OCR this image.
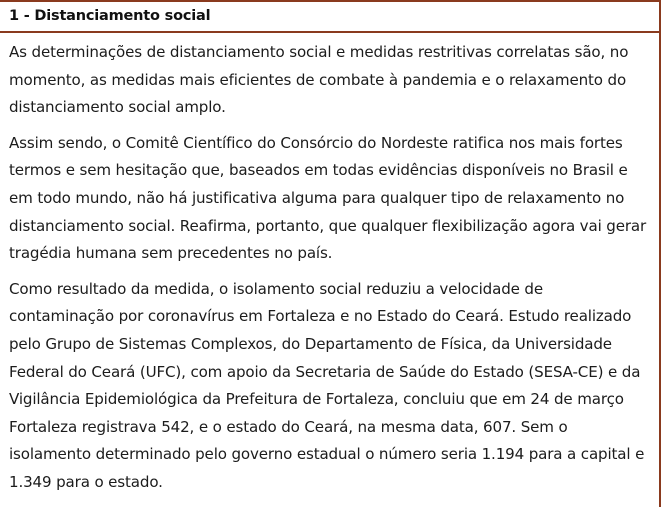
1 - Distanciamento social

As determinações de distanciamento social e medidas restritivas correlatas são, no momento, as medidas mais eficientes de combate à pandemia e o relaxamento do distanciamento social amplo.

Assim sendo, o Comitê Científico do Consórcio do Nordeste ratifica nos mais fortes termos e sem hesitação que, baseados em todas evidências disponíveis no Brasil e em todo mundo, não há justificativa alguma para qualquer tipo de relaxamento no distanciamento social. Reafirma, portanto, que qualquer flexibilização agora vai gerar tragédia humana sem precedentes no país.

Como resultado da medida, o isolamento social reduziu a velocidade de contaminação por coronavírus em Fortaleza e no Estado do Ceará. Estudo realizado pelo Grupo de Sistemas Complexos, do Departamento de Física, da Universidade Federal do Ceará (UFC), com apoio da Secretaria de Saúde do Estado (SESA-CE) e da Vigilância Epidemiológica da Prefeitura de Fortaleza, concluiu que em 24 de março Fortaleza registrava 542, e o estado do Ceará, na mesma data, 607. Sem o isolamento determinado pelo governo estadual o número seria 1.194 para a capital e 1.349 para o estado.
